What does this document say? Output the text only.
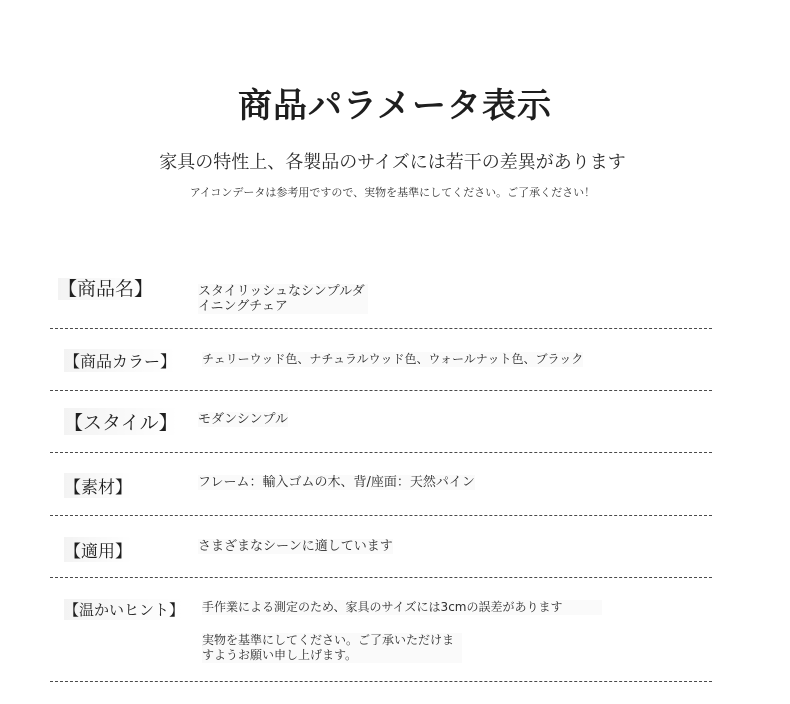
商品パラメータ表示
家具の特性上、各製品のサイズには若干の差異があります
アイコンデータは参考用ですので、実物を基準にしてください。ご了承ください！
【商品名】	スタイリッシュなシンプルダイニングチェア
【商品カラー】 チェリーウッド色、ナチュラルウッド色、ウォールナット色、ブラック
【スタイル】 モダンシンプル
【素材】	フレーム：輸入ゴムの木、背/座面：天然パイン
【適用】	さまざまなシーンに適しています
【温かいヒント】 手作業による測定のため、家具のサイズには3cmの誤差があります
実物を基準にしてください。ご了承いただけますようお願い申し上げます。
